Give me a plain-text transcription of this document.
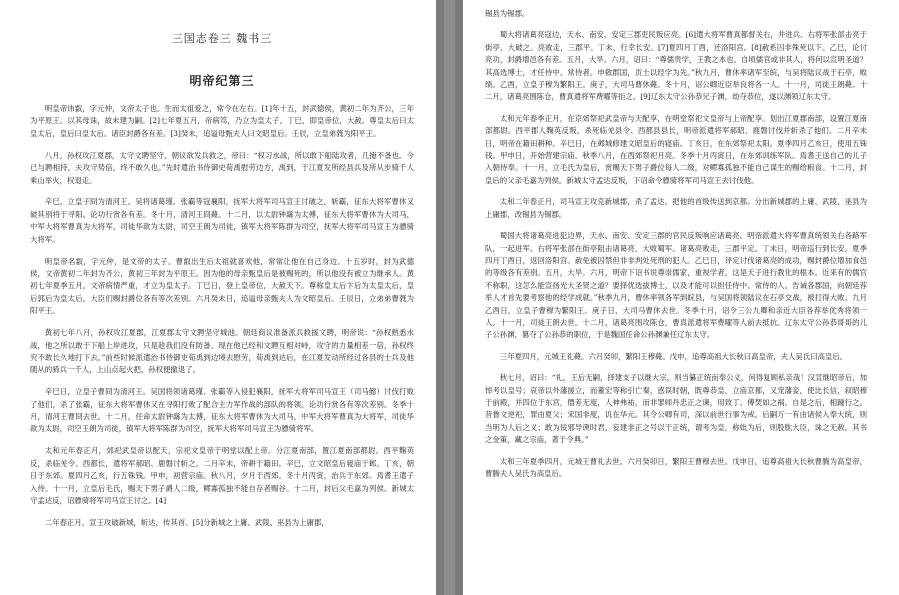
三国志卷三 魏书三
明帝纪第三

明皇帝讳叡，字元仲，文帝太子也。生而太祖爱之，常令在左右。[1]年十五，封武德侯，黄初二年为齐公，三年为平原王。以其母诛，故未建为嗣。[2]七年夏五月，帝病笃，乃立为皇太子。丁巳，即皇帝位，大赦。尊皇太后曰太皇太后，皇后曰皇太后。诸臣封爵各有差。[3]癸未，追谥母甄夫人曰文昭皇后。壬辰，立皇弟蕤为阳平王。

八月，孙权攻江夏郡，太守文聘坚守。朝议欲发兵救之，帝曰：“权习水战，所以敢下船陆攻者，几掩不备也。今已与聘相持，夫攻守势倍，终不敢久也。”先时遣治书侍御史荀禹慰劳边方，禹到，于江夏发所经县兵及所从步骑千人乘山举火，权退走。

辛巳，立皇子冏为清河王。吴将诸葛瑾、张霸等寇襄阳，抚军大将军司马宣王讨破之，斩霸，征东大将军曹休又破其别将于寻阳。论功行赏各有差。冬十月，清河王冏薨。十二月，以太尉钟繇为太傅，征东大将军曹休为大司马，中军大将军曹真为大将军，司徒华歆为太尉，司空王朗为司徒，镇军大将军陈群为司空，抚军大将军司马宣王为骠骑大将军。

明皇帝名叡，字元仲，是文帝的太子。曹叡出生后太祖就喜欢他，常常让他在自己身边。十五岁时，封为武德侯，文帝黄初二年封为齐公，黄初三年封为平原王。因为他的母亲甄皇后是被赐死的，所以他没有被立为继承人。黄初七年夏季五月，文帝病情严重，才立为皇太子。丁巳日，登上皇帝位，大赦天下。尊称皇太后卞后为太皇太后，皇后郭后为皇太后。大臣们赐封爵位各有等次差别。六月癸未日，追谥母亲甄夫人为文昭皇后。壬辰日，立弟弟曹蕤为阳平王。

黄初七年八月，孙权攻江夏郡，江夏郡太守文聘坚守城池。朝廷商议准备派兵救援文聘，明帝说：“孙权熟悉水战，他之所以敢于下船上岸进攻，只是趁我们没有防备。现在他已经和文聘互相对峙，攻守的力量相差一倍，孙权终究不敢长久地打下去。”前些时候派遣治书侍御史荀禹到边境去慰劳，荀禹到达后，在江夏发动所经过各县的士兵及他随从的骑兵一千人，上山点起火把，孙权便撤退了。

辛巳日，立皇子曹冏为清河王。吴国将领诸葛瑾、张霸等入侵犯襄阳，抚军大将军司马宣王（司马懿）讨伐打败了他们，杀了张霸，征东大将军曹休又在寻阳打败了配合主力军作战的部队的将领。论功行赏各有等次差别。冬季十月，清河王曹冏去世。十二月，任命太尉钟繇为太傅，征东大将军曹休为大司马，中军大将军曹真为大将军，司徒华歆为太尉，司空王朗为司徒，镇军大将军陈群为司空，抚军大将军司马宣王为骠骑将军。

太和元年春正月，郊祀武皇帝以配天，宗祀文皇帝于明堂以配上帝。分江夏南部，置江夏南部都尉。西平麴英反，杀临羌令、西都长，遣将军郝昭、鹿磐讨斩之。二月辛未，帝耕于籍田。辛巳，立文昭皇后寝庙于邺。丁亥，朝日于东郊。夏四月乙亥，行五铢钱。甲申，初营宗庙。秋八月，夕月于西郊。冬十月丙寅，治兵于东郊。焉耆王遣子入侍。十一月，立皇后毛氏，赐天下男子爵人二级，鳏寡孤独不能自存者赐谷。十二月，封后父毛嘉为列侯。新城太守孟达反，诏骠骑将军司马宣王讨之。[4]

二年春正月，宣王攻破新城，斩达，传其首。[5]分新城之上庸、武陵、巫县为上庸郡，

锡县为锡郡。

蜀大将诸葛亮寇边，天水、南安、安定三郡吏民叛应亮。[6]遣大将军曹真都督关右，并进兵。右将军张郃击亮于街亭，大破之。亮败走，三郡平。丁未，行幸长安。[7]夏四月丁酉，还洛阳宫。[8]赦系囚非殊死以下。乙巳，论讨亮功，封爵增邑各有差。五月，大旱。六月，诏曰：“尊儒贵学，王教之本也。自顷儒官或非其人，将何以宣明圣道？其高选博士，才任侍中、常侍者。申敕郡国，贡士以经学为先。”秋九月，曹休率诸军至皖，与吴将陆议战于石亭，败绩。乙酉，立皇子穆为繁阳王。庚子，大司马曹休薨。冬十月，诏公卿近臣举良将各一人。十一月，司徒王朗薨。十二月，诸葛亮围陈仓，曹真遣将军费曜等拒之。[9]辽东太守公孙恭兄子渊，劫夺恭位，遂以渊领辽东太守。

太和元年春季正月，在京郊祭祀武皇帝与天配享，在明堂祭祀文皇帝与上帝配享。划出江夏郡南部，设置江夏南部都尉。西平郡人麴英反叛，杀死临羌县令、西都县县长，明帝派遣将军郝昭、鹿磐讨伐并斩杀了他们。二月辛未日，明帝在籍田耕种。辛巳日，在邺城修建文昭皇后的寝庙。丁亥日，在东郊祭祀太阳。夏季四月乙亥日，使用五铢钱。甲申日，开始营建宗庙。秋季八月，在西郊祭祀月亮。冬季十月丙寅日，在东郊训练军队。焉耆王送自己的儿子入朝侍奉。十一月，立毛氏为皇后，赏赐天下男子爵位每人二级，对鳏寡孤独不能自己谋生的赐给粮食。十二月，封皇后的父亲毛嘉为列侯。新城太守孟达反叛，下诏命令骠骑将军司马宣王去讨伐他。

太和二年春正月，司马宣王攻克新城郡，杀了孟达，把他的首级传送到京都。分出新城郡的上庸、武陵、巫县为上庸郡，改锡县为锡郡。

蜀国大将诸葛亮进犯边界，天水、南安、安定三郡的官民反叛响应诸葛亮。明帝派遣大将军曹真统领关右各路军队，一起进军。右将军张郃在街亭阻击诸葛亮，大败蜀军。诸葛亮败走，三郡平定。丁未日，明帝巡行到长安。夏季四月丁酉日，返回洛阳宫。赦免被囚禁但非非判处死刑的犯人。乙巳日，评定讨伐诸葛亮的成功，赐封爵位增加食邑的等级各有差别。五月，大旱。六月，明帝下诏书说尊崇儒家，重视学者，这是天子进行教化的根本。近来有的儒官不称职，这怎么能宣扬光大圣贤之道？要择优选拔博士，以及才能可以担任侍中、常侍的人。告诫各郡国，向朝廷荐举人才首先要考察他的经学成就。”秋季九月，曹休率领各军到皖县，与吴国将领陆议在石亭交战，被打得大败。九月乙酉日，立皇子曹穆为繁阳王。庚子日，大司马曹休去世。冬季十月，诏令三公九卿和亲近大臣各荐举优秀将领一人。十一月，司徒王朗去世。十二月，诸葛亮围攻陈仓，曹真派遣将军费曜等人前去抵抗。辽东太守公孙恭哥哥的儿子公孙渊，篡夺了公孙恭的职位，于是魏国任命公孙渊兼任辽东太守。

三年夏四月，元城王礼薨。六月癸卯，繁阳王穆薨。戊申，追尊高祖大长秋曰高皇帝，夫人吴氏曰高皇后。

秋七月，诏曰：“礼，王后无嗣，择建支子以继大宗，则当纂正统而奉公义，何得复顾私亲哉！汉宣继昭帝后，加悼考以皇号；哀帝以外藩援立，而董宏等称引亡秦，惑误时朝，既尊恭皇，立庙京都，又宠藩妾，使比长信，叙昭穆于前殿，并四位于东宫，僭差无度，人神弗祐，而非罪师丹忠正之谏，用致丁、傅焚如之祸。自是之后，相踵行之。昔鲁文逆祀，罪由夏父；宋国非度，讥在华元。其令公卿有司，深以前世行事为戒。后嗣万一有由诸侯入奉大统，则当明为人后之义；敢为佞邪导谀时君，妄建非正之号以干正统，谓考为皇，称妣为后，则股肱大臣，诛之无赦。其书之金策，藏之宗庙，著于令典。”

太和三年夏季四月，元城王曹礼去世。六月癸卯日，繁阳王曹穆去世。戊申日，追尊高祖大长秋曹腾为高皇帝，曹腾夫人吴氏为高皇后。
